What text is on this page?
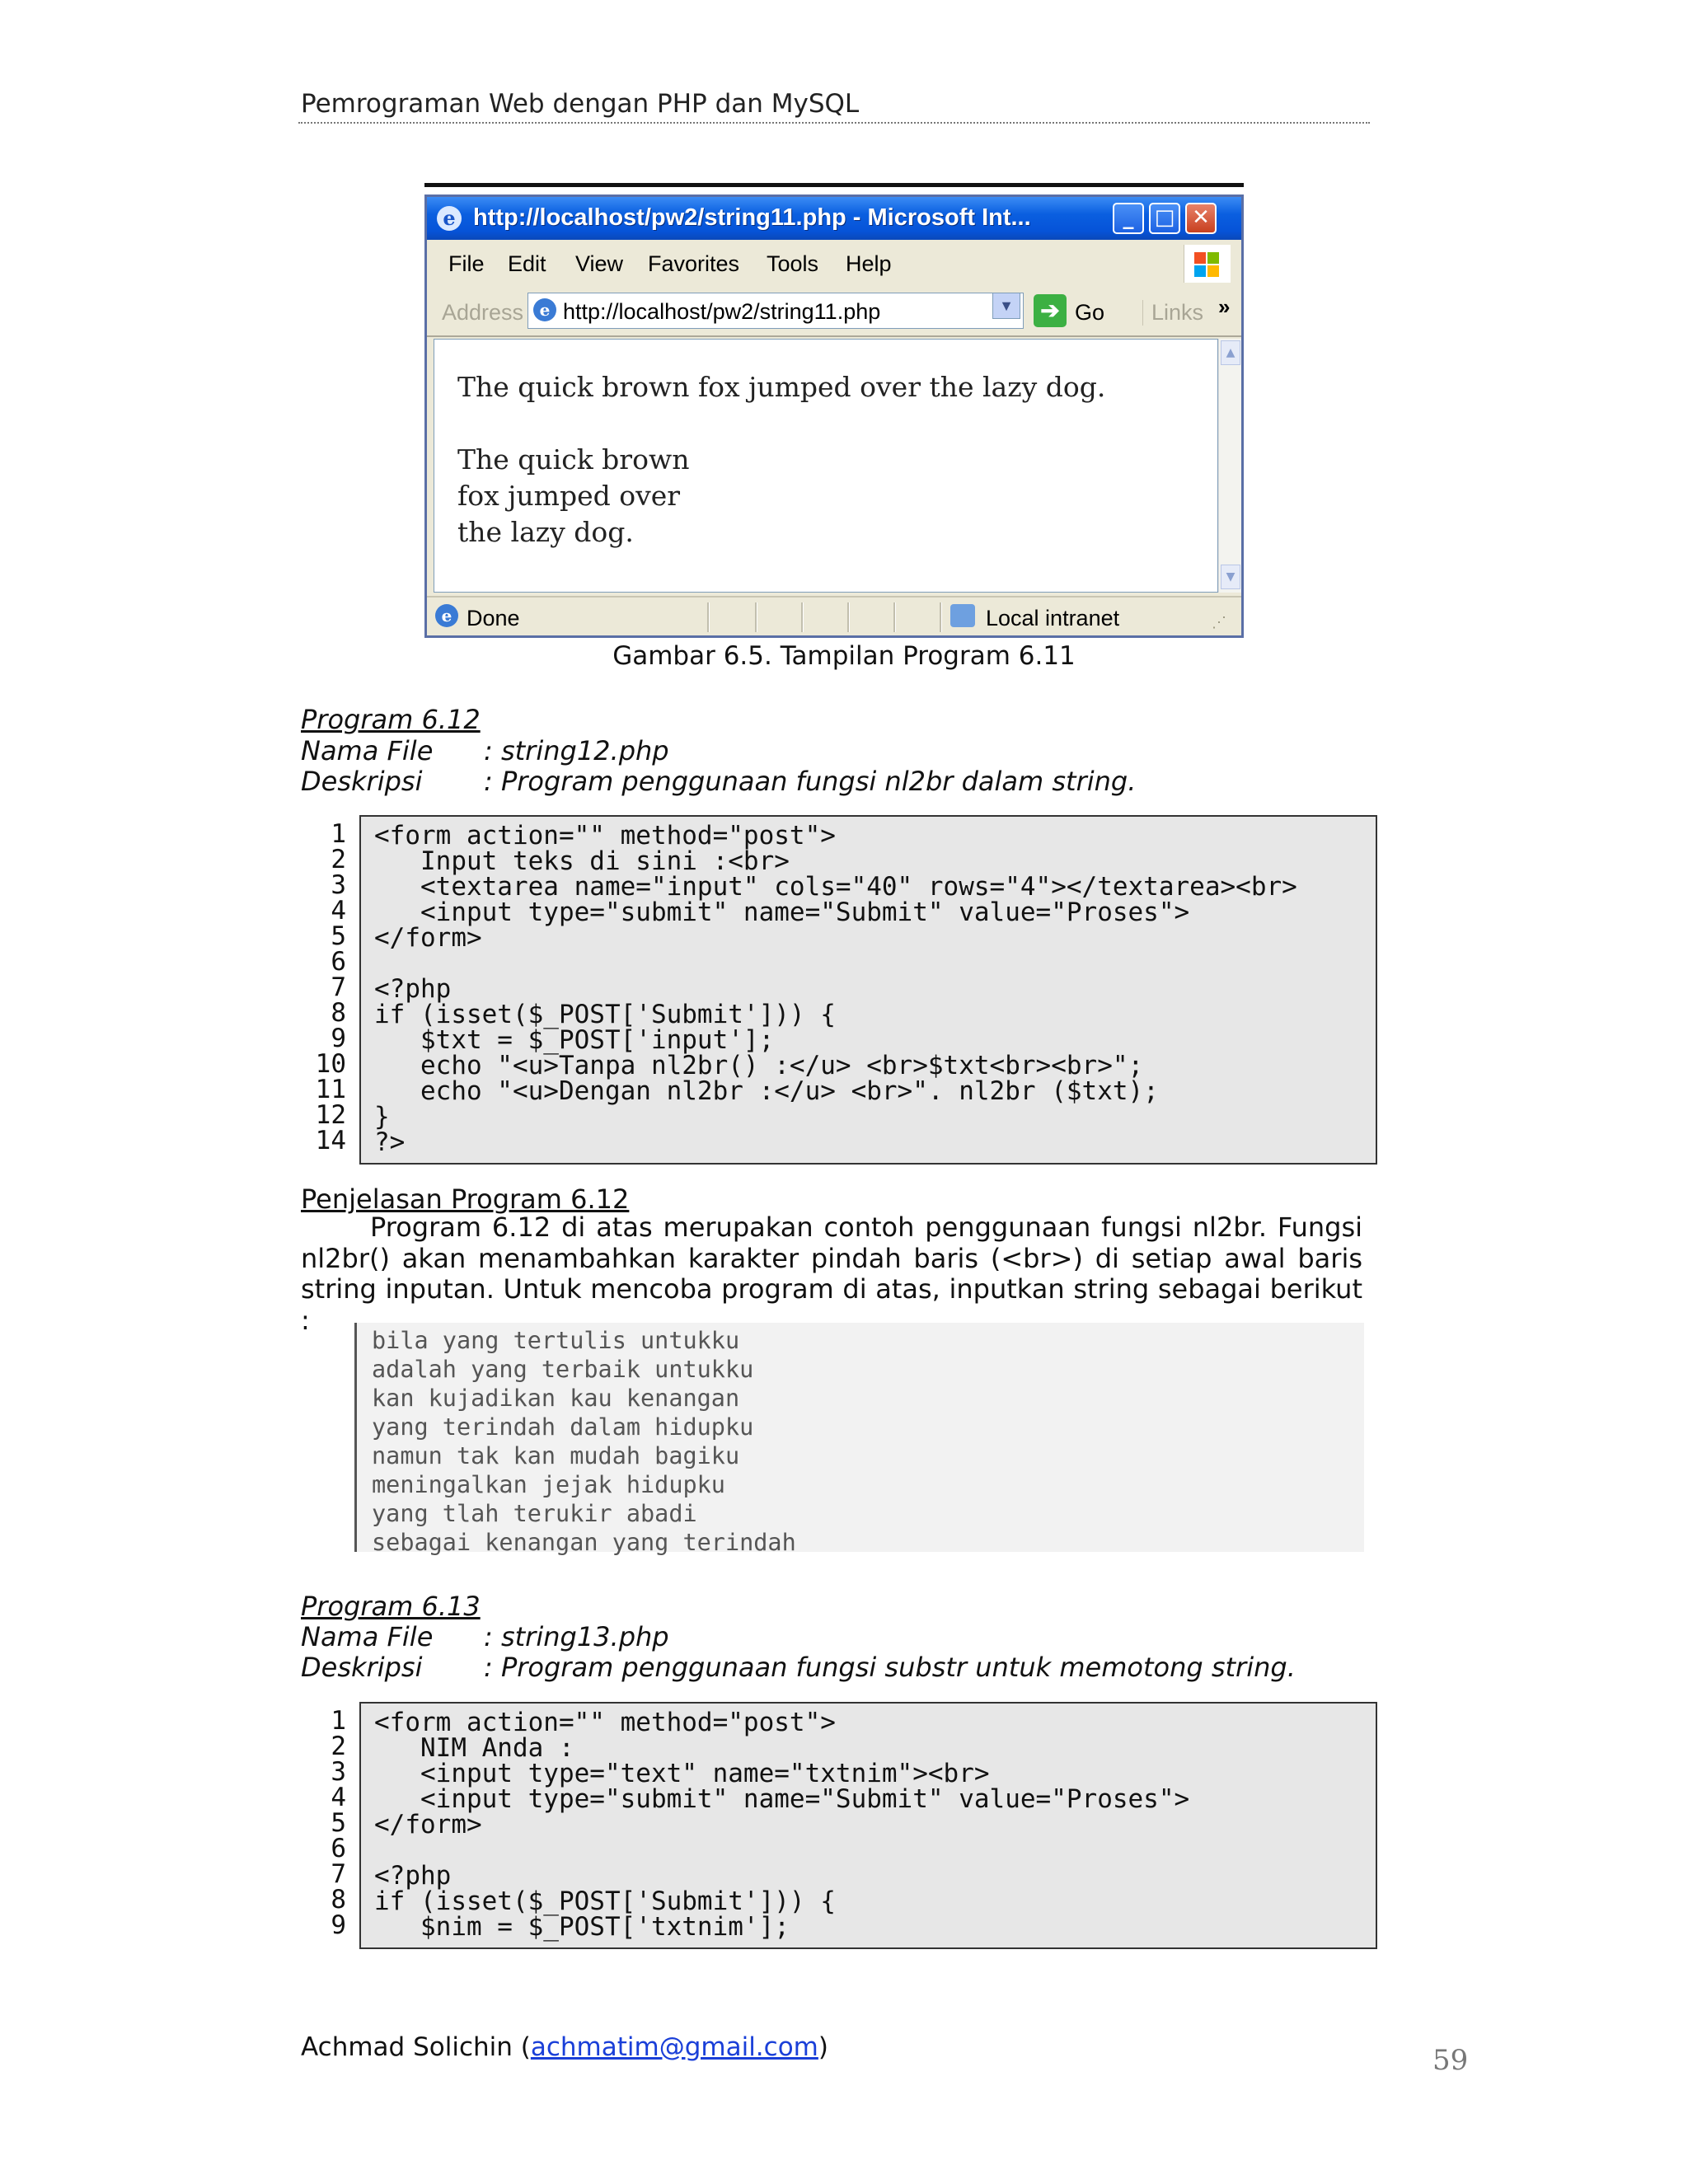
Pemrograman Web dengan PHP dan MySQL
e http://localhost/pw2/string11.php - Microsoft Int...	_ □ ✕
File Edit View Favorites Tools Help
Address e http://localhost/pw2/string11.php	▼ ➔ Go	Links »
The quick brown fox jumped over the lazy dog.
The quick brown
fox jumped over
the lazy dog.
▲
▼
e Done	Local intranet	⋰
Gambar 6.5. Tampilan Program 6.11
Program 6.12
Nama File : string12.php
Deskripsi : Program penggunaan fungsi nl2br dalam string.
1
2
3
4
5
6
7
8
9
10
11
12
14
<form action="" method="post">
Input teks di sini :<br>
<textarea name="input" cols="40" rows="4"></textarea><br>
<input type="submit" name="Submit" value="Proses">
</form>
<?php
if (isset($_POST['Submit'])) {
$txt = $_POST['input'];
echo "<u>Tanpa nl2br() :</u> <br>$txt<br><br>";
echo "<u>Dengan nl2br :</u> <br>". nl2br ($txt);
}
?>
Penjelasan Program 6.12
Program 6.12 di atas merupakan contoh penggunaan fungsi nl2br. Fungsi nl2br() akan menambahkan karakter pindah baris (<br>) di setiap awal baris string inputan. Untuk mencoba program di atas, inputkan string sebagai berikut :
bila yang tertulis untukku
adalah yang terbaik untukku
kan kujadikan kau kenangan
yang terindah dalam hidupku
namun tak kan mudah bagiku
meningalkan jejak hidupku
yang tlah terukir abadi
sebagai kenangan yang terindah
Program 6.13
Nama File : string13.php
Deskripsi : Program penggunaan fungsi substr untuk memotong string.
1
2
3
4
5
6
7
8
9
<form action="" method="post">
NIM Anda :
<input type="text" name="txtnim"><br>
<input type="submit" name="Submit" value="Proses">
</form>
<?php
if (isset($_POST['Submit'])) {
$nim = $_POST['txtnim'];
Achmad Solichin (achmatim@gmail.com)	59
